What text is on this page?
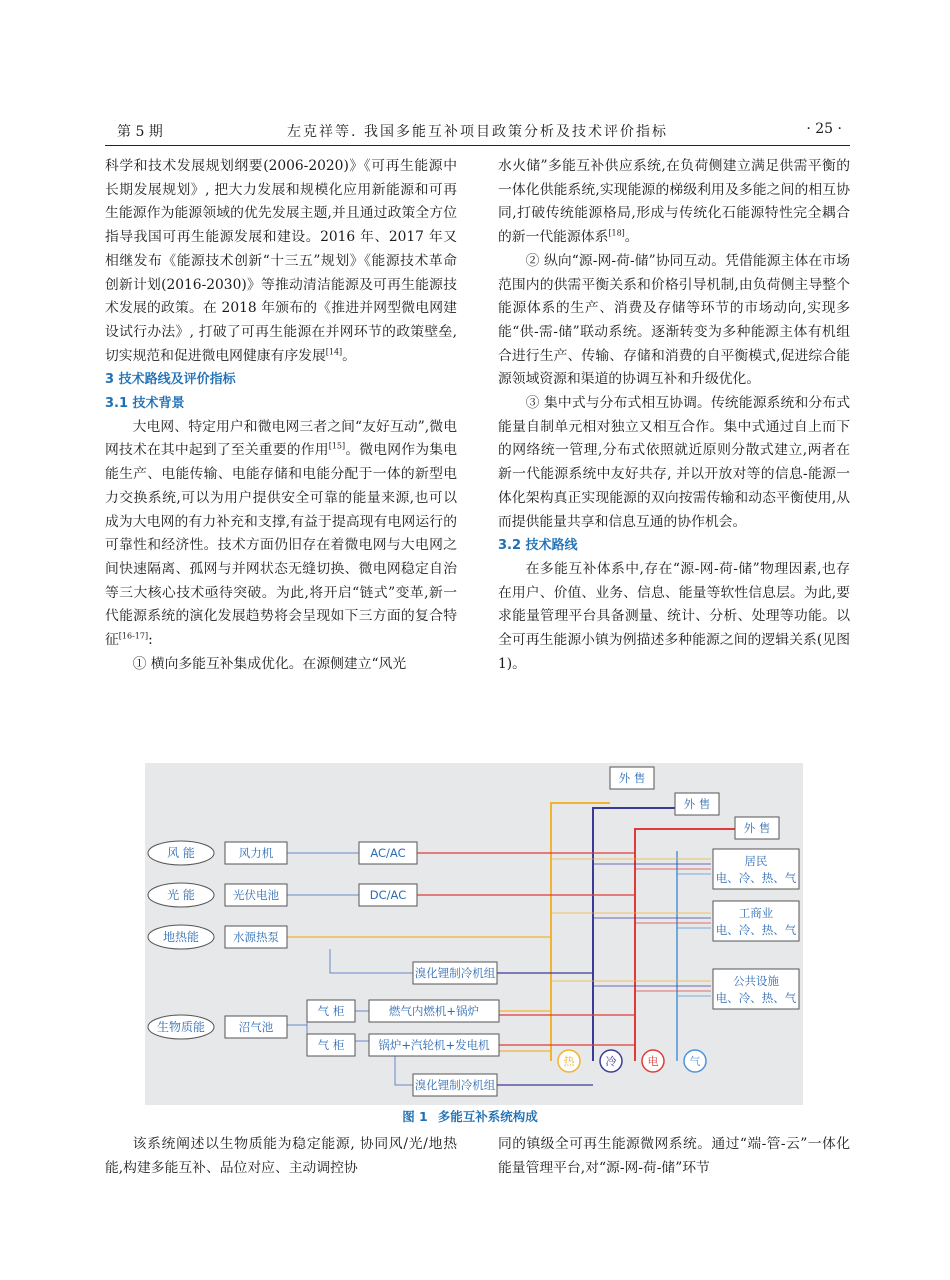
第 5 期	左克祥等. 我国多能互补项目政策分析及技术评价指标	· 25 ·

科学和技术发展规划纲要(2006-2020)》《可再生能源中长期发展规划》, 把大力发展和规模化应用新能源和可再生能源作为能源领域的优先发展主题,并且通过政策全方位指导我国可再生能源发展和建设。2016 年、2017 年又相继发布《能源技术创新“十三五”规划》《能源技术革命创新计划(2016-2030)》等推动清洁能源及可再生能源技术发展的政策。在 2018 年颁布的《推进并网型微电网建设试行办法》, 打破了可再生能源在并网环节的政策壁垒,切实规范和促进微电网健康有序发展[14]。

3 技术路线及评价指标

3.1 技术背景

大电网、特定用户和微电网三者之间“友好互动”,微电网技术在其中起到了至关重要的作用[15]。微电网作为集电能生产、电能传输、电能存储和电能分配于一体的新型电力交换系统,可以为用户提供安全可靠的能量来源,也可以成为大电网的有力补充和支撑,有益于提高现有电网运行的可靠性和经济性。技术方面仍旧存在着微电网与大电网之间快速隔离、孤网与并网状态无缝切换、微电网稳定自治等三大核心技术亟待突破。为此,将开启“链式”变革,新一代能源系统的演化发展趋势将会呈现如下三方面的复合特征[16-17]:

① 横向多能互补集成优化。在源侧建立“风光

水火储”多能互补供应系统,在负荷侧建立满足供需平衡的一体化供能系统,实现能源的梯级利用及多能之间的相互协同,打破传统能源格局,形成与传统化石能源特性完全耦合的新一代能源体系[18]。

② 纵向“源-网-荷-储”协同互动。凭借能源主体在市场范围内的供需平衡关系和价格引导机制,由负荷侧主导整个能源体系的生产、消费及存储等环节的市场动向,实现多能“供-需-储”联动系统。逐渐转变为多种能源主体有机组合进行生产、传输、存储和消费的自平衡模式,促进综合能源领域资源和渠道的协调互补和升级优化。

③ 集中式与分布式相互协调。传统能源系统和分布式能量自制单元相对独立又相互合作。集中式通过自上而下的网络统一管理,分布式依照就近原则分散式建立,两者在新一代能源系统中友好共存, 并以开放对等的信息-能源一体化架构真正实现能源的双向按需传输和动态平衡使用,从而提供能量共享和信息互通的协作机会。

3.2 技术路线

在多能互补体系中,存在“源-网-荷-储”物理因素,也存在用户、价值、业务、信息、能量等软性信息层。为此,要求能量管理平台具备测量、统计、分析、处理等功能。以全可再生能源小镇为例描述多种能源之间的逻辑关系(见图 1)。

风 能
光 能
地热能
生物质能
风力机
光伏电池
水源热泵
沼气池
AC/AC
DC/AC
气 柜
气 柜
溴化锂制冷机组
燃气内燃机+锅炉
锅炉+汽轮机+发电机
溴化锂制冷机组
外 售
外 售
外 售
居民
电、冷、热、气
工商业
电、冷、热、气
公共设施
电、冷、热、气
热	冷	电	气
图 1 多能互补系统构成

该系统阐述以生物质能为稳定能源, 协同风/光/地热能,构建多能互补、品位对应、主动调控协

同的镇级全可再生能源微网系统。通过“端-管-云”一体化能量管理平台,对“源-网-荷-储”环节
